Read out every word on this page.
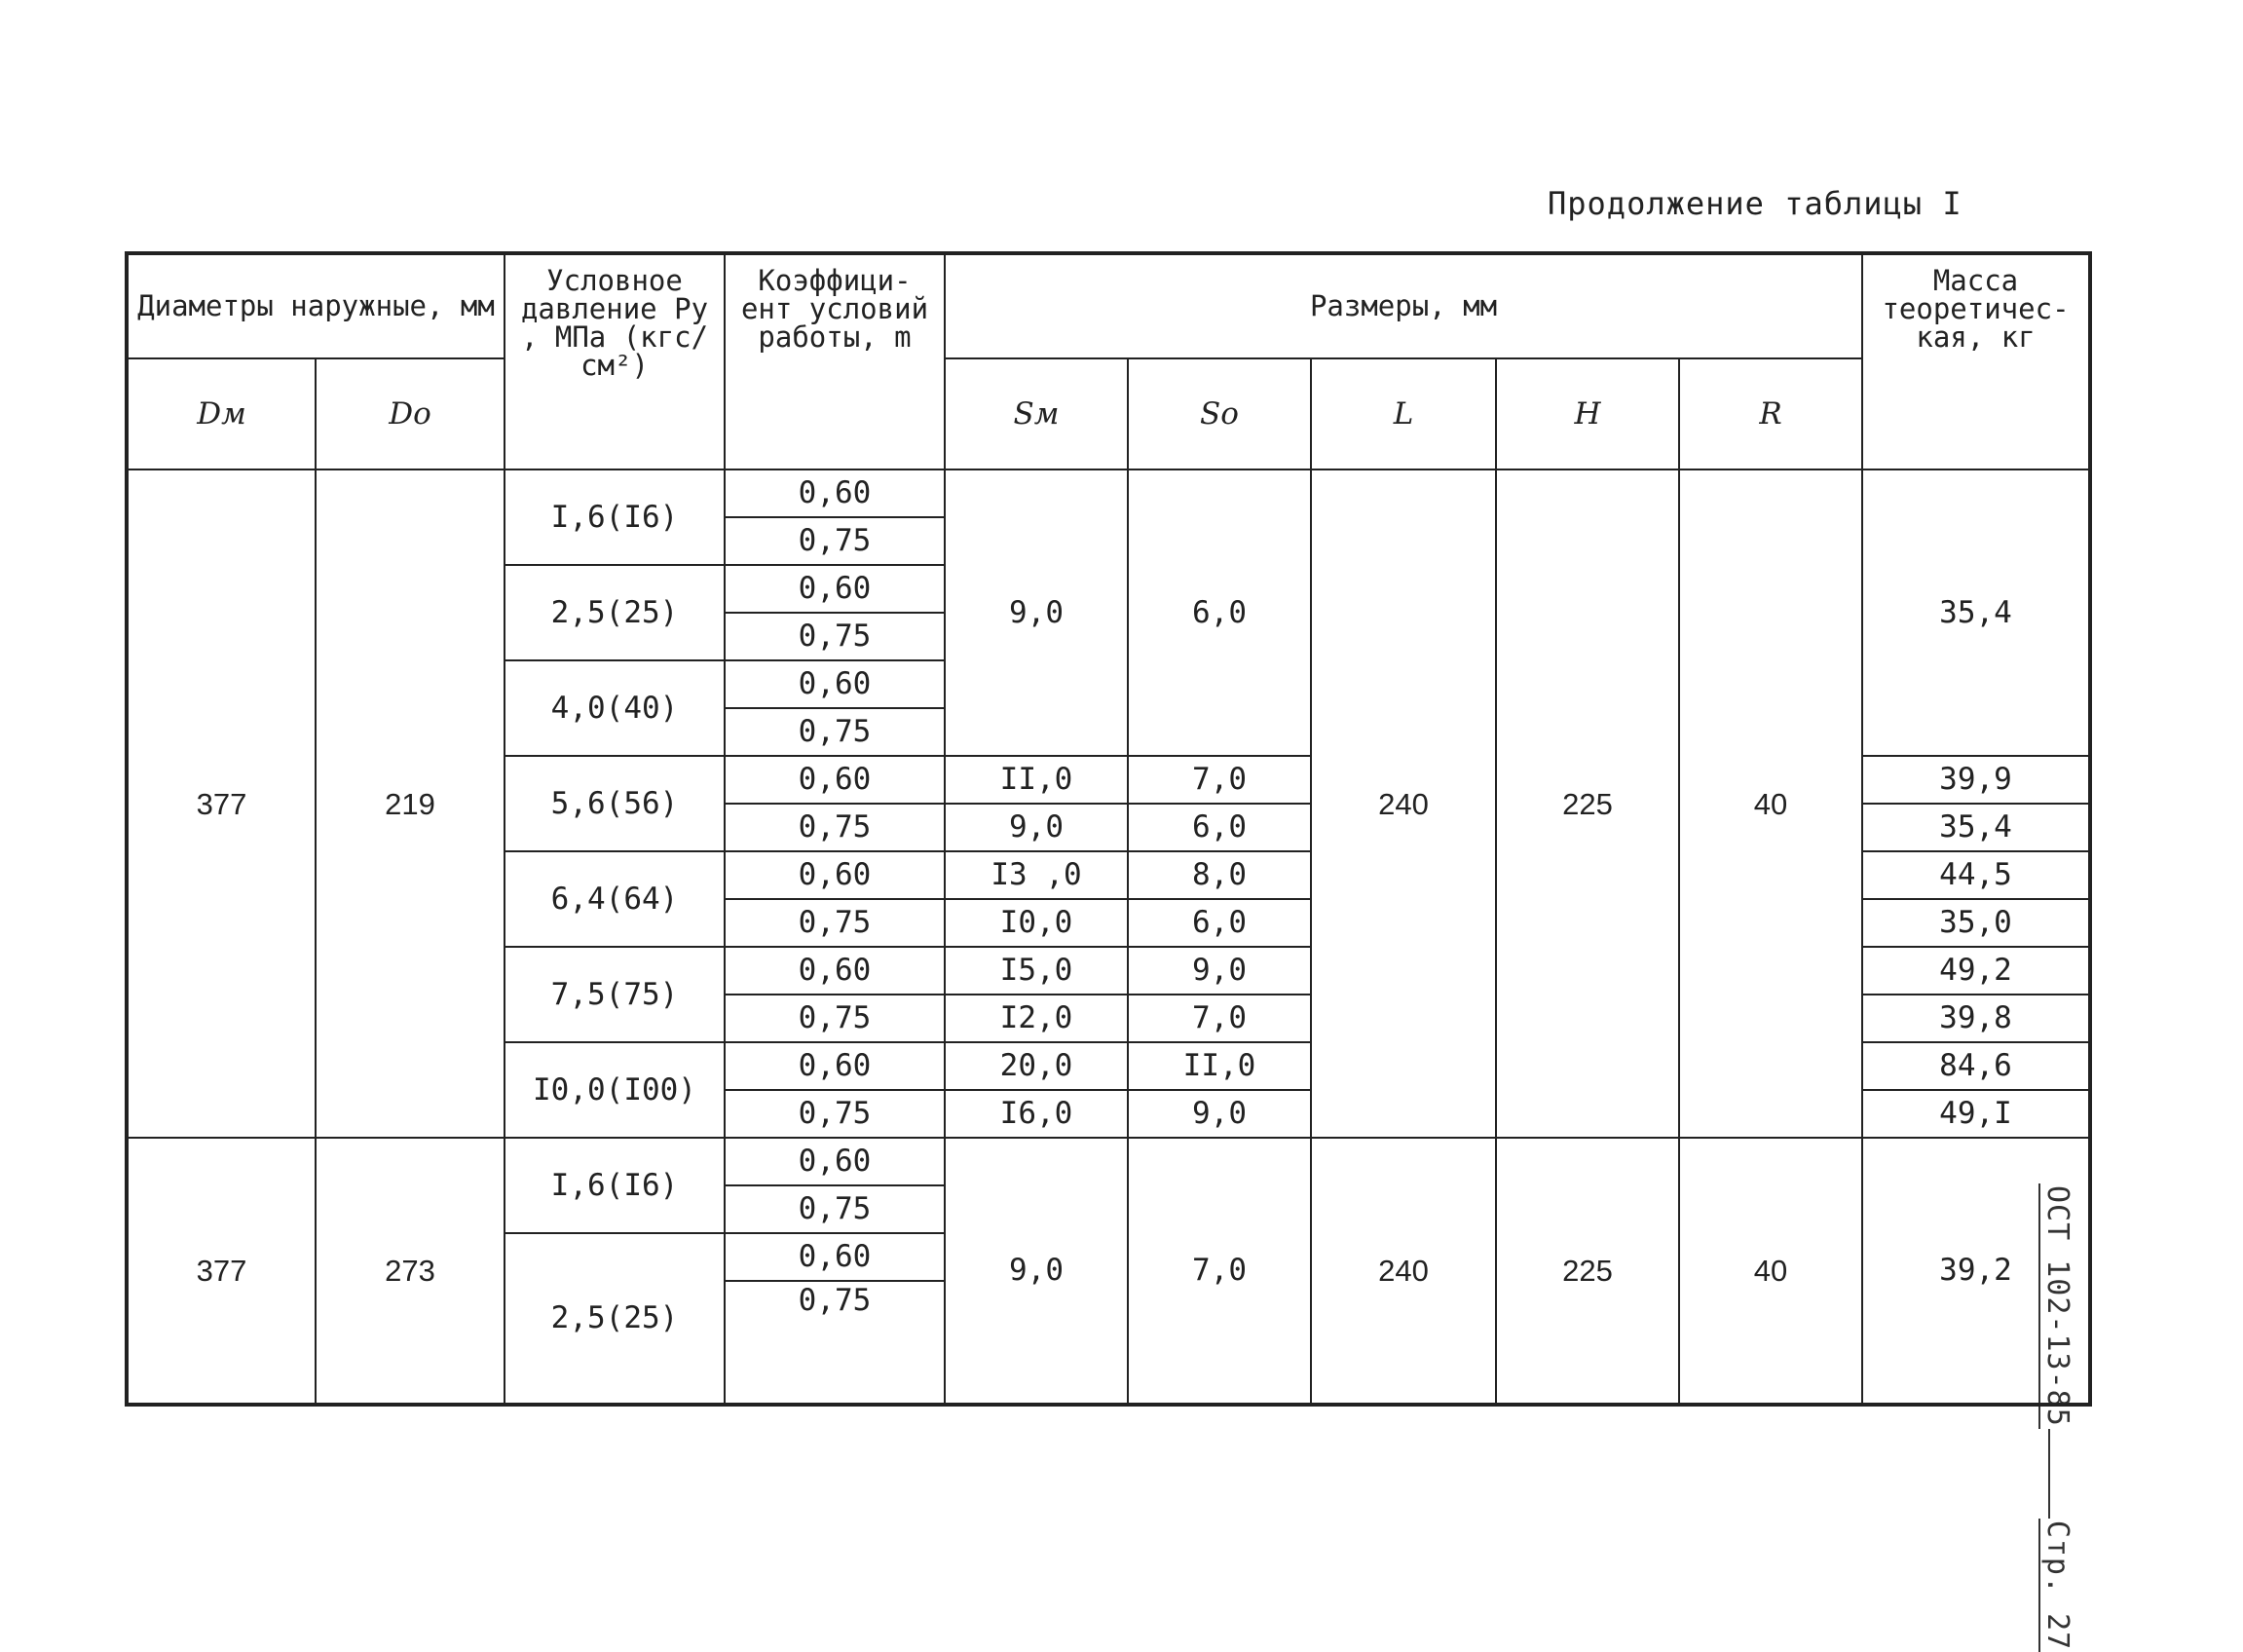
Продолжение таблицы I
ОСТ 102-13-85Стр. 27
Диаметры наружные, мм		Условное давление Ру , МПа (кгс/см²)	Коэффици- ент условий работы, m	Размеры, мм					Масса теоретичес- кая, кг

Dм	Dо			Sм	So	L	H	R	
377	219	I,6(I6)	0,60	9,0	6,0	240	225	40	35,4
			0,75						
		2,5(25)	0,60						
			0,75						
		4,0(40)	0,60						
			0,75						
		5,6(56)	0,60	II,0	7,0				39,9
			0,75	9,0	6,0				35,4
		6,4(64)	0,60	I3 ,0	8,0				44,5
			0,75	I0,0	6,0				35,0
		7,5(75)	0,60	I5,0	9,0				49,2
			0,75	I2,0	7,0				39,8
		I0,0(I00)	0,60	20,0	II,0				84,6
			0,75	I6,0	9,0				49,I
377	273	I,6(I6)	0,60	9,0	7,0	240	225	40	39,2
			0,75						
		2,5(25)	0,60						
			0,75						
